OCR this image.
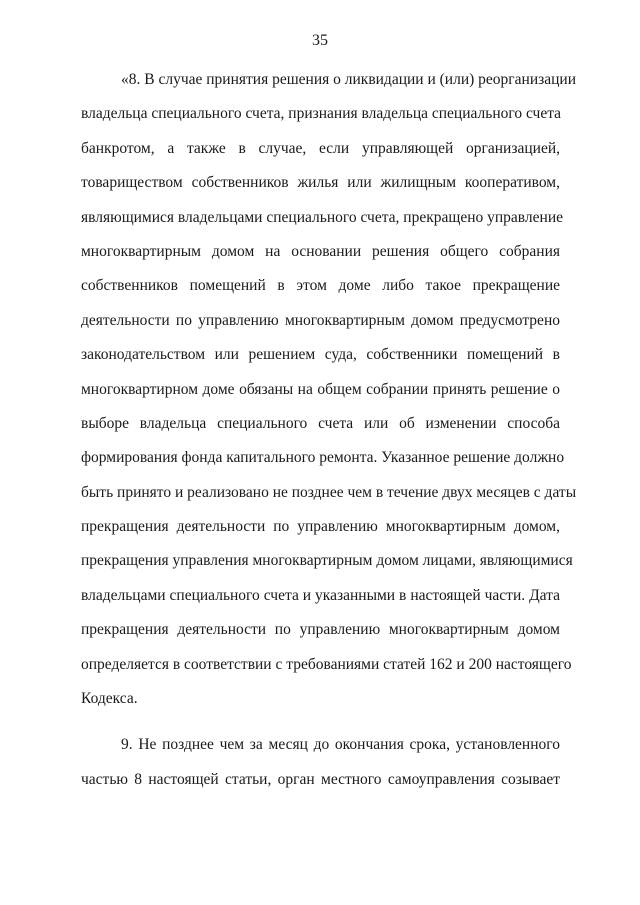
35
«8. В случае принятия решения о ликвидации и (или) реорганизации
владельца специального счета, признания владельца специального счета
банкротом, а также в случае, если управляющей организацией,
товариществом собственников жилья или жилищным кооперативом,
являющимися владельцами специального счета, прекращено управление
многоквартирным домом на основании решения общего собрания
собственников помещений в этом доме либо такое прекращение
деятельности по управлению многоквартирным домом предусмотрено
законодательством или решением суда, собственники помещений в
многоквартирном доме обязаны на общем собрании принять решение о
выборе владельца специального счета или об изменении способа
формирования фонда капитального ремонта. Указанное решение должно
быть принято и реализовано не позднее чем в течение двух месяцев с даты
прекращения деятельности по управлению многоквартирным домом,
прекращения управления многоквартирным домом лицами, являющимися
владельцами специального счета и указанными в настоящей части. Дата
прекращения деятельности по управлению многоквартирным домом
определяется в соответствии с требованиями статей 162 и 200 настоящего
Кодекса.
9. Не позднее чем за месяц до окончания срока, установленного
частью 8 настоящей статьи, орган местного самоуправления созывает
